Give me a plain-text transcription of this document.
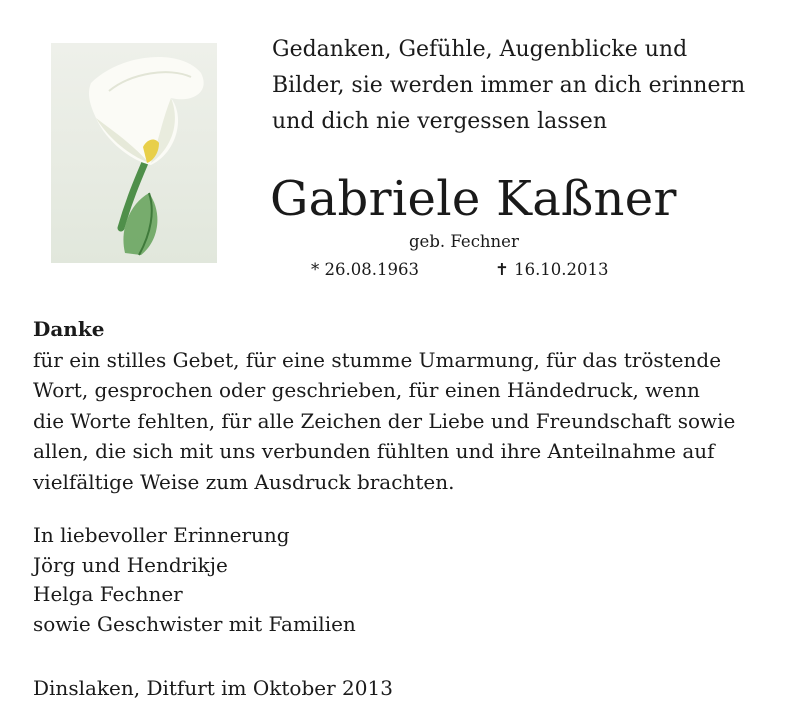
Gedanken, Gefühle, Augenblicke und
Bilder, sie werden immer an dich erinnern
und dich nie vergessen lassen
Gabriele Kaßner
geb. Fechner
* 26.08.1963	✝ 16.10.2013
Danke
für ein stilles Gebet, für eine stumme Umarmung, für das tröstende
Wort, gesprochen oder geschrieben, für einen Händedruck, wenn
die Worte fehlten, für alle Zeichen der Liebe und Freundschaft sowie
allen, die sich mit uns verbunden fühlten und ihre Anteilnahme auf
vielfältige Weise zum Ausdruck brachten.
In liebevoller Erinnerung
Jörg und Hendrikje
Helga Fechner
sowie Geschwister mit Familien
Dinslaken, Ditfurt im Oktober 2013
